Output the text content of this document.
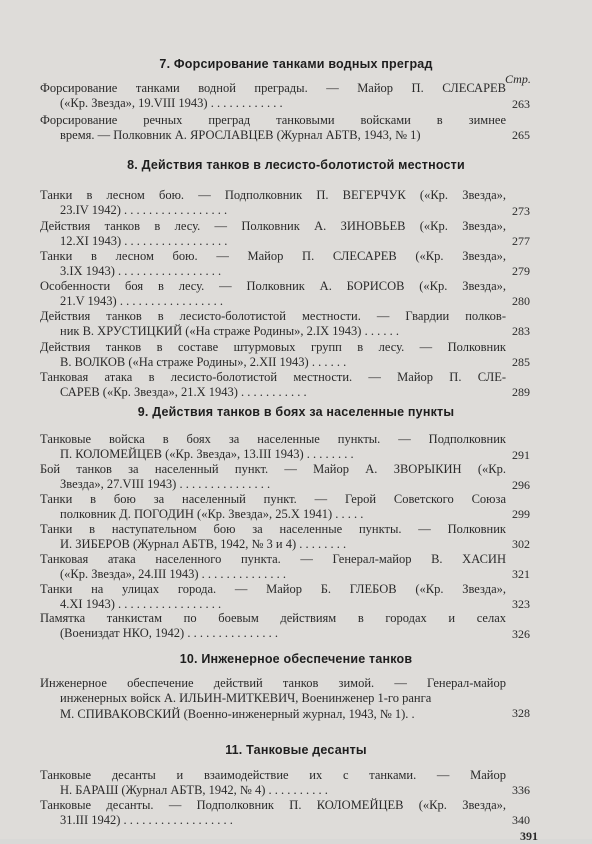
7. Форсирование танками водных преград
Стр.
Форсирование танками водной преграды. — Майор П. СЛЕСАРЕВ
(«Кр. Звезда», 19.VIII 1943) . . . . . . . . . . . .	263
Форсирование речных преград танковыми войсками в зимнее
время. — Полковник А. ЯРОСЛАВЦЕВ (Журнал АБТВ, 1943, № 1)	265
8. Действия танков в лесисто-болотистой местности
Танки в лесном бою. — Подполковник П. ВЕГЕРЧУК («Кр. Звезда»,
23.IV 1942) . . . . . . . . . . . . . . . . .	273
Действия танков в лесу. — Полковник А. ЗИНОВЬЕВ («Кр. Звезда»,
12.XI 1943) . . . . . . . . . . . . . . . . .	277
Танки в лесном бою. — Майор П. СЛЕСАРЕВ («Кр. Звезда»,
3.IX 1943) . . . . . . . . . . . . . . . . .	279
Особенности боя в лесу. — Полковник А. БОРИСОВ («Кр. Звезда»,
21.V 1943) . . . . . . . . . . . . . . . . .	280
Действия танков в лесисто-болотистой местности. — Гвардии полков-
ник В. ХРУСТИЦКИЙ («На страже Родины», 2.IX 1943) . . . . . .	283
Действия танков в составе штурмовых групп в лесу. — Полковник
В. ВОЛКОВ («На страже Родины», 2.XII 1943) . . . . . .	285
Танковая атака в лесисто-болотистой местности. — Майор П. СЛЕ-
САРЕВ («Кр. Звезда», 21.X 1943) . . . . . . . . . . .	289
9. Действия танков в боях за населенные пункты
Танковые войска в боях за населенные пункты. — Подполковник
П. КОЛОМЕЙЦЕВ («Кр. Звезда», 13.III 1943) . . . . . . . .	291
Бой танков за населенный пункт. — Майор А. ЗВОРЫКИН («Кр.
Звезда», 27.VIII 1943) . . . . . . . . . . . . . . .	296
Танки в бою за населенный пункт. — Герой Советского Союза
полковник Д. ПОГОДИН («Кр. Звезда», 25.X 1941) . . . . .	299
Танки в наступательном бою за населенные пункты. — Полковник
И. ЗИБЕРОВ (Журнал АБТВ, 1942, № 3 и 4) . . . . . . . .	302
Танковая атака населенного пункта. — Генерал-майор В. ХАСИН
(«Кр. Звезда», 24.III 1943) . . . . . . . . . . . . . .	321
Танки на улицах города. — Майор Б. ГЛЕБОВ («Кр. Звезда»,
4.XI 1943) . . . . . . . . . . . . . . . . .	323
Памятка танкистам по боевым действиям в городах и селах
(Воениздат НКО, 1942) . . . . . . . . . . . . . . .	326
10. Инженерное обеспечение танков
Инженерное обеспечение действий танков зимой. — Генерал-майор
инженерных войск А. ИЛЬИН-МИТКЕВИЧ, Военинженер 1-го ранга
М. СПИВАКОВСКИЙ (Военно-инженерный журнал, 1943, № 1). .	328
11. Танковые десанты
Танковые десанты и взаимодействие их с танками. — Майор
Н. БАРАШ (Журнал АБТВ, 1942, № 4) . . . . . . . . . .	336
Танковые десанты. — Подполковник П. КОЛОМЕЙЦЕВ («Кр. Звезда»,
31.III 1942) . . . . . . . . . . . . . . . . . .	340
391
